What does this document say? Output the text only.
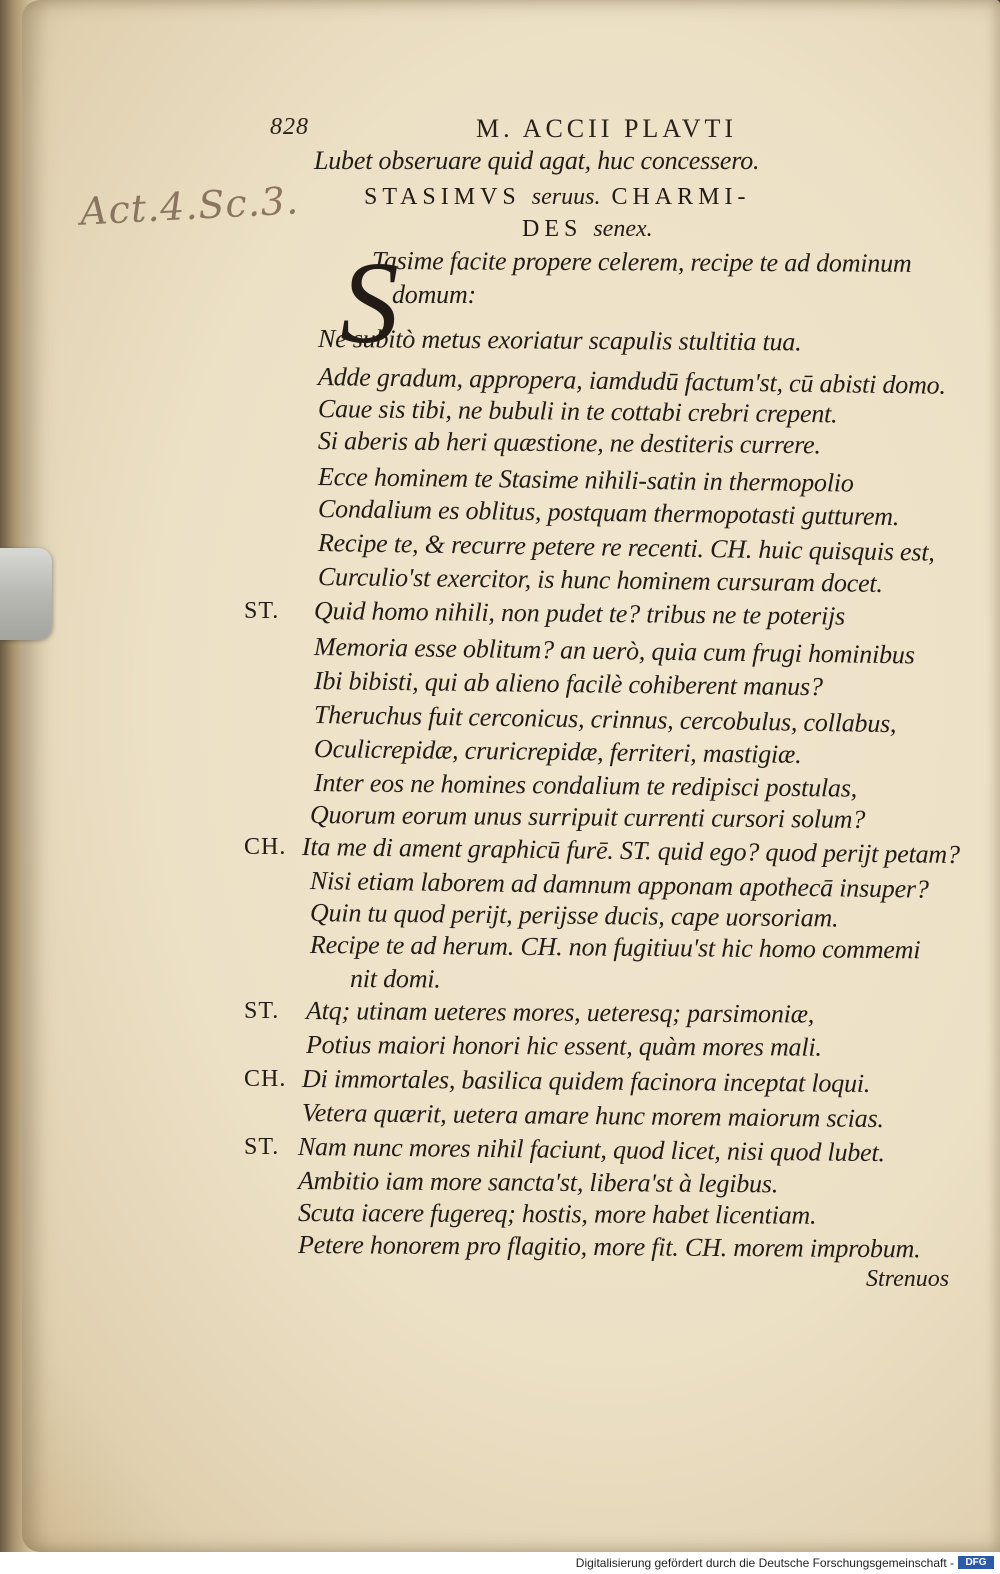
828	M. ACCII PLAVTI
Act.4.Sc.3.
Lubet obseruare quid agat, huc concessero.
STASIMVS seruus. CHARMI-
DES senex.
S
Strenuos
Tasime facite propere celerem, recipe te ad dominum
domum:
Ne subitò metus exoriatur scapulis stultitia tua.
Adde gradum, appropera, iamdudū factum'st, cū abisti domo.
Caue sis tibi, ne bubuli in te cottabi crebri crepent.
Si aberis ab heri quæstione, ne destiteris currere.
Ecce hominem te Stasime nihili-satin in thermopolio
Condalium es oblitus, postquam thermopotasti gutturem.
Recipe te, & recurre petere re recenti. CH. huic quisquis est,
Curculio'st exercitor, is hunc hominem cursuram docet.
Quid homo nihili, non pudet te? tribus ne te poterijs
ST.
Memoria esse oblitum? an uerò, quia cum frugi hominibus
Ibi bibisti, qui ab alieno facilè cohiberent manus?
Theruchus fuit cerconicus, crinnus, cercobulus, collabus,
Oculicrepidæ, cruricrepidæ, ferriteri, mastigiæ.
Inter eos ne homines condalium te redipisci postulas,
Quorum eorum unus surripuit currenti cursori solum?
Ita me di ament graphicū furē. ST. quid ego? quod perijt petam?
CH.
Nisi etiam laborem ad damnum apponam apothecā insuper?
Quin tu quod perijt, perijsse ducis, cape uorsoriam.
Recipe te ad herum. CH. non fugitiuu'st hic homo commemi
nit domi.
Atq; utinam ueteres mores, ueteresq; parsimoniæ,
ST.
Potius maiori honori hic essent, quàm mores mali.
Di immortales, basilica quidem facinora inceptat loqui.
CH.
Vetera quærit, uetera amare hunc morem maiorum scias.
Nam nunc mores nihil faciunt, quod licet, nisi quod lubet.
ST.
Ambitio iam more sancta'st, libera'st à legibus.
Scuta iacere fugereq; hostis, more habet licentiam.
Petere honorem pro flagitio, more fit. CH. morem improbum.
Digitalisierung gefördert durch die Deutsche Forschungsgemeinschaft -	DFG
